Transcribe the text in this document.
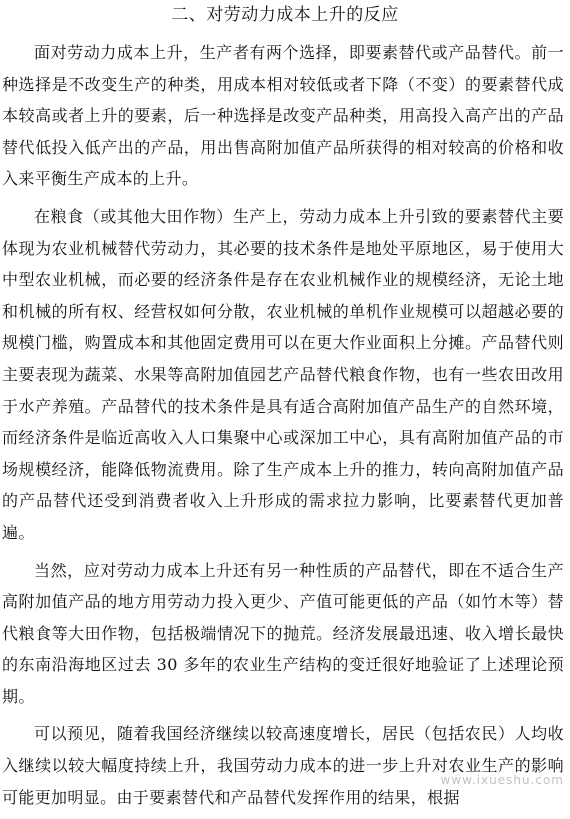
二、对劳动力成本上升的反应

面对劳动力成本上升，生产者有两个选择，即要素替代或产品替代。前一种选择是不改变生产的种类，用成本相对较低或者下降（不变）的要素替代成本较高或者上升的要素，后一种选择是改变产品种类，用高投入高产出的产品替代低投入低产出的产品，用出售高附加值产品所获得的相对较高的价格和收入来平衡生产成本的上升。

在粮食（或其他大田作物）生产上，劳动力成本上升引致的要素替代主要体现为农业机械替代劳动力，其必要的技术条件是地处平原地区，易于使用大中型农业机械，而必要的经济条件是存在农业机械作业的规模经济，无论土地和机械的所有权、经营权如何分散，农业机械的单机作业规模可以超越必要的规模门槛，购置成本和其他固定费用可以在更大作业面积上分摊。产品替代则主要表现为蔬菜、水果等高附加值园艺产品替代粮食作物，也有一些农田改用于水产养殖。产品替代的技术条件是具有适合高附加值产品生产的自然环境，而经济条件是临近高收入人口集聚中心或深加工中心，具有高附加值产品的市场规模经济，能降低物流费用。除了生产成本上升的推力，转向高附加值产品的产品替代还受到消费者收入上升形成的需求拉力影响，比要素替代更加普遍。

当然，应对劳动力成本上升还有另一种性质的产品替代，即在不适合生产高附加值产品的地方用劳动力投入更少、产值可能更低的产品（如竹木等）替代粮食等大田作物，包括极端情况下的抛荒。经济发展最迅速、收入增长最快的东南沿海地区过去 30 多年的农业生产结构的变迁很好地验证了上述理论预期。

可以预见，随着我国经济继续以较高速度增长，居民（包括农民）人均收入继续以较大幅度持续上升，我国劳动力成本的进一步上升对农业生产的影响可能更加明显。由于要素替代和产品替代发挥作用的结果，根据

www.ixueshu.com
